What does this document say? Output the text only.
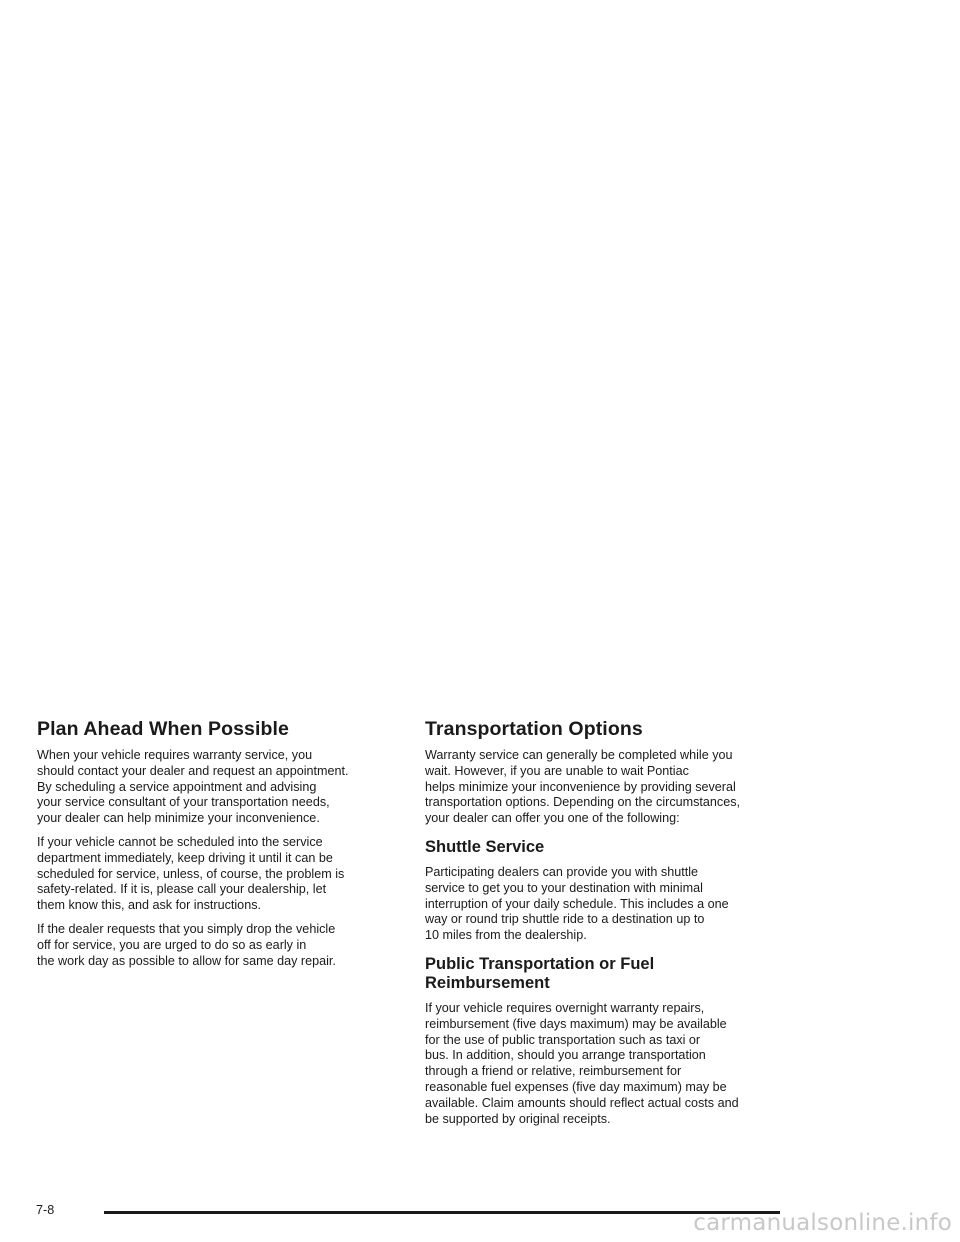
Plan Ahead When Possible

When your vehicle requires warranty service, you
should contact your dealer and request an appointment.
By scheduling a service appointment and advising
your service consultant of your transportation needs,
your dealer can help minimize your inconvenience.

If your vehicle cannot be scheduled into the service
department immediately, keep driving it until it can be
scheduled for service, unless, of course, the problem is
safety-related. If it is, please call your dealership, let
them know this, and ask for instructions.

If the dealer requests that you simply drop the vehicle
off for service, you are urged to do so as early in
the work day as possible to allow for same day repair.

Transportation Options

Warranty service can generally be completed while you
wait. However, if you are unable to wait Pontiac
helps minimize your inconvenience by providing several
transportation options. Depending on the circumstances,
your dealer can offer you one of the following:

Shuttle Service

Participating dealers can provide you with shuttle
service to get you to your destination with minimal
interruption of your daily schedule. This includes a one
way or round trip shuttle ride to a destination up to
10 miles from the dealership.

Public Transportation or Fuel
Reimbursement

If your vehicle requires overnight warranty repairs,
reimbursement (five days maximum) may be available
for the use of public transportation such as taxi or
bus. In addition, should you arrange transportation
through a friend or relative, reimbursement for
reasonable fuel expenses (five day maximum) may be
available. Claim amounts should reflect actual costs and
be supported by original receipts.

7-8	carmanualsonline.info
